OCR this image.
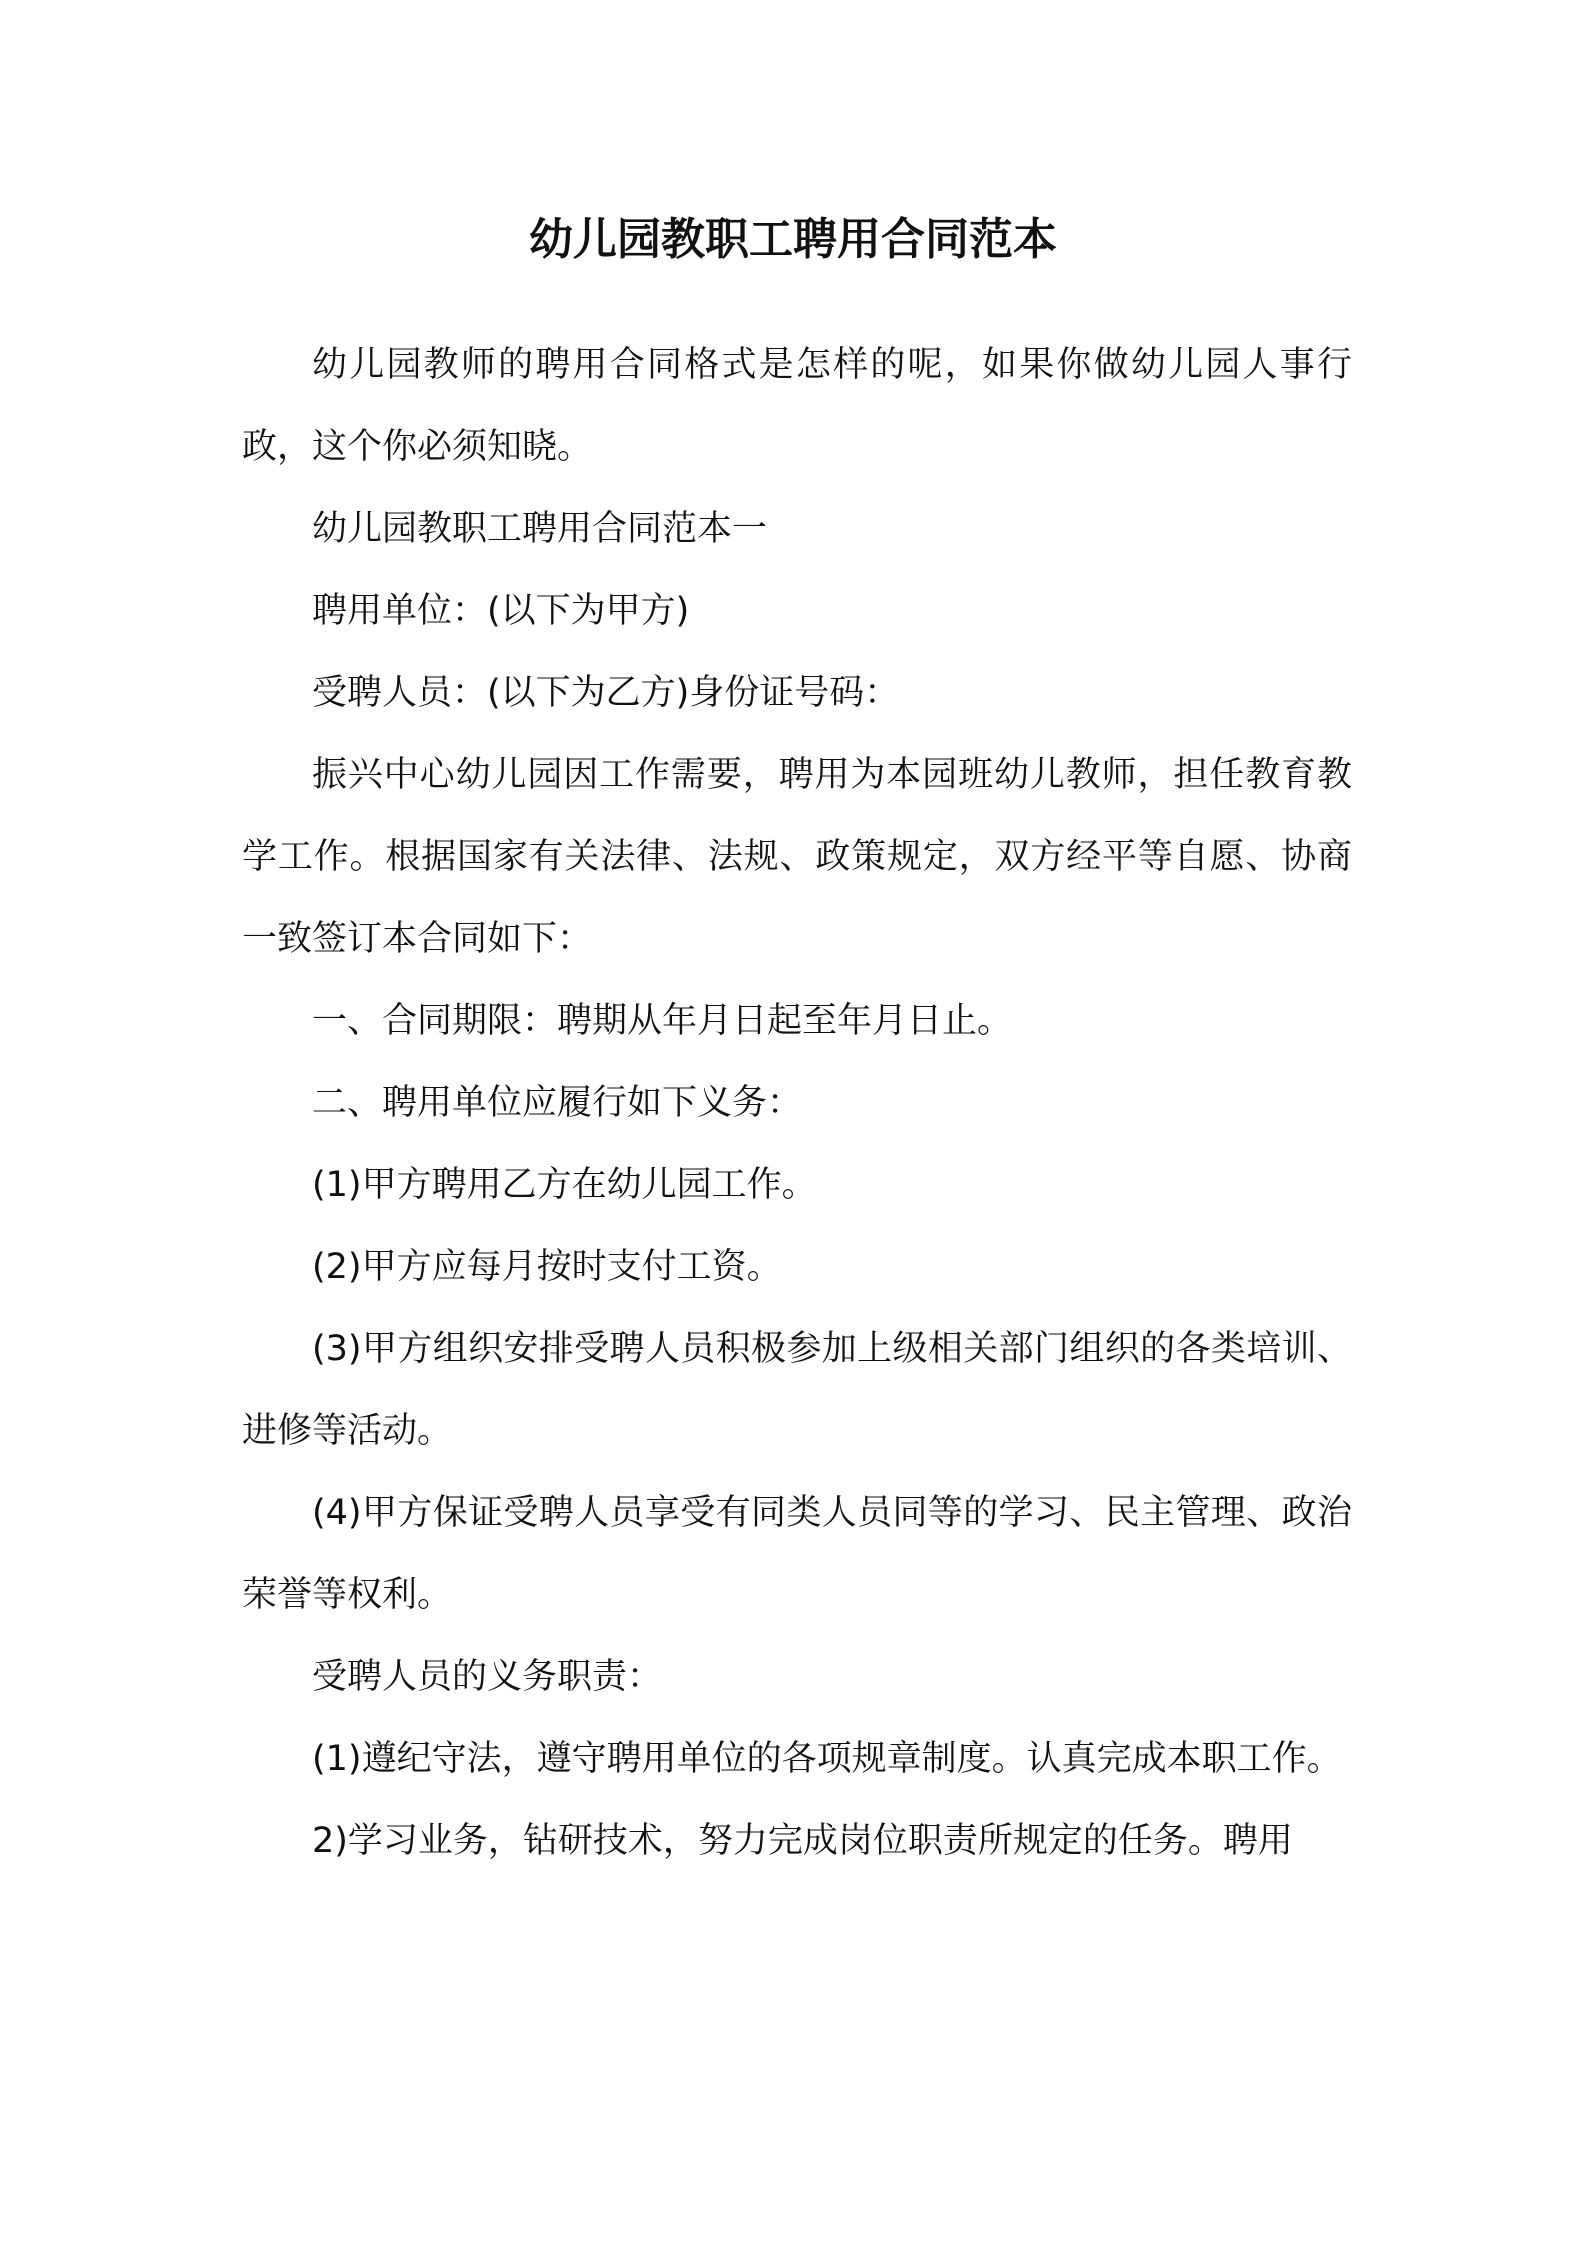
幼儿园教职工聘用合同范本

幼儿园教师的聘用合同格式是怎样的呢，如果你做幼儿园人事行政，这个你必须知晓。

幼儿园教职工聘用合同范本一

聘用单位：(以下为甲方)

受聘人员：(以下为乙方)身份证号码：

振兴中心幼儿园因工作需要，聘用为本园班幼儿教师，担任教育教学工作。根据国家有关法律、法规、政策规定，双方经平等自愿、协商一致签订本合同如下：

一、合同期限：聘期从年月日起至年月日止。

二、聘用单位应履行如下义务：

(1)甲方聘用乙方在幼儿园工作。

(2)甲方应每月按时支付工资。

(3)甲方组织安排受聘人员积极参加上级相关部门组织的各类培训、进修等活动。

(4)甲方保证受聘人员享受有同类人员同等的学习、民主管理、政治荣誉等权利。

受聘人员的义务职责：

(1)遵纪守法，遵守聘用单位的各项规章制度。认真完成本职工作。

2)学习业务，钻研技术，努力完成岗位职责所规定的任务。聘用
